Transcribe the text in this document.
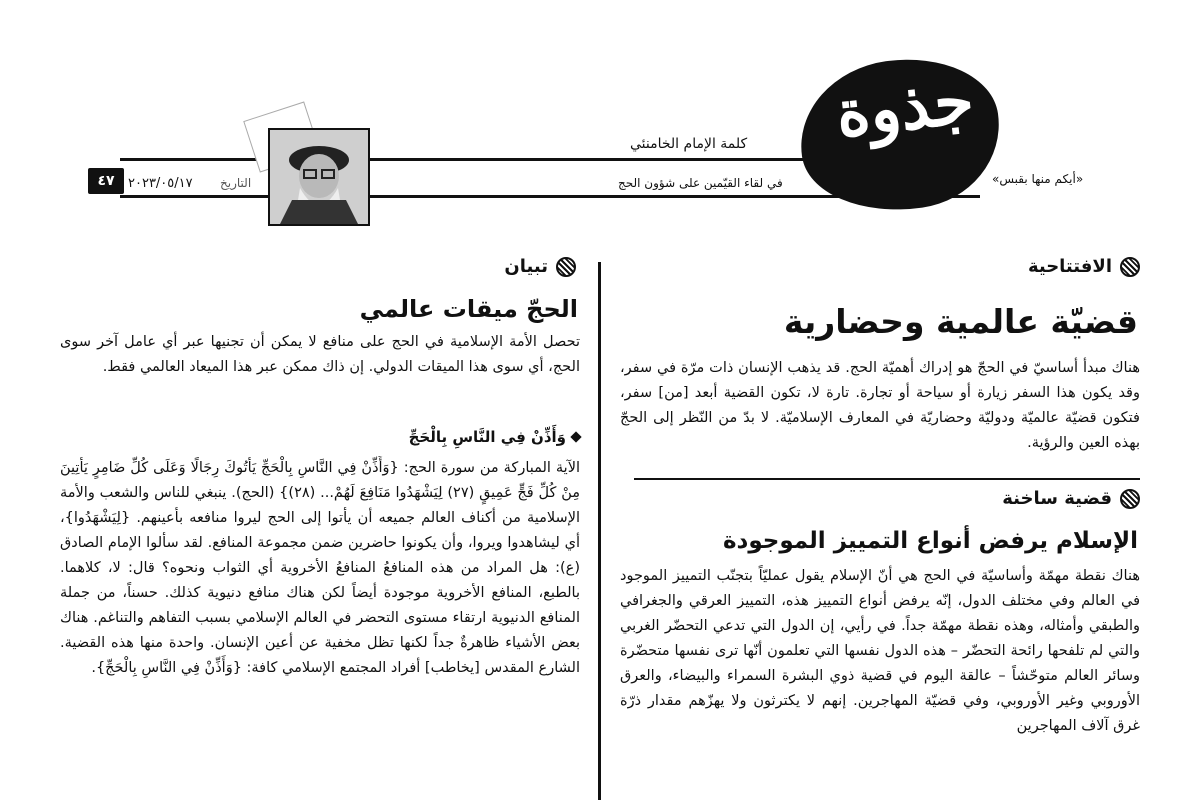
جذوة
«أيكم منها بقبس»
كلمة الإمام الخامنئي
في لقاء القيّمين على شؤون الحج
التاريخ
٢٠٢٣/٠٥/١٧
٤٧
الافتتاحية
قضيّة عالمية وحضارية

هناك مبدأ أساسيّ في الحجّ هو إدراك أهميّة الحج. قد يذهب الإنسان ذات مرّة في سفر، وقد يكون هذا السفر زيارة أو سياحة أو تجارة. تارة لا، تكون القضية أبعد [من] سفر، فتكون قضيّة عالميّة ودوليّة وحضاريّة في المعارف الإسلاميّة. لا بدّ من النّظر إلى الحجّ بهذه العين والرؤية.

قضية ساخنة
الإسلام يرفض أنواع التمييز الموجودة

هناك نقطة مهمّة وأساسيّة في الحج هي أنّ الإسلام يقول عمليّاً بتجنّب التمييز الموجود في العالم وفي مختلف الدول، إنّه يرفض أنواع التمييز هذه، التمييز العرقي والجغرافي والطبقي وأمثاله، وهذه نقطة مهمّة جداً. في رأيي، إن الدول التي تدعي التحضّر الغربي والتي لم تلفحها رائحة التحضّر – هذه الدول نفسها التي تعلمون أنّها ترى نفسها متحضّرة وسائر العالم متوحّشاً – عالقة اليوم في قضية ذوي البشرة السمراء والبيضاء، والعرق الأوروبي وغير الأوروبي، وفي قضيّة المهاجرين. إنهم لا يكترثون ولا يهزّهم مقدار ذرّة غرق آلاف المهاجرين

تبيان
الحجّ ميقات عالمي

تحصل الأمة الإسلامية في الحج على منافع لا يمكن أن تجنيها عبر أي عامل آخر سوى الحج، أي سوى هذا الميقات الدولي. إن ذاك ممكن عبر هذا الميعاد العالمي فقط.

وَأَذِّنْ فِي النَّاسِ بِالْحَجِّ

الآية المباركة من سورة الحج: {وَأَذِّنْ فِي النَّاسِ بِالْحَجِّ يَأْتُوكَ رِجَالًا وَعَلَى كُلِّ ضَامِرٍ يَأْتِينَ مِنْ كُلِّ فَجٍّ عَمِيقٍ (٢٧) لِيَشْهَدُوا مَنَافِعَ لَهُمْ... (٢٨)} (الحج). ينبغي للناس والشعب والأمة الإسلامية من أكناف العالم جميعه أن يأتوا إلى الحج ليروا منافعه بأعينهم. {لِيَشْهَدُوا}، أي ليشاهدوا ويروا، وأن يكونوا حاضرين ضمن مجموعة المنافع. لقد سألوا الإمام الصادق (ع): هل المراد من هذه المنافعُ المنافعُ الأخروية أي الثواب ونحوه؟ قال: لا، كلاهما. بالطبع، المنافع الأخروية موجودة أيضاً لكن هناك منافع دنيوية كذلك. حسناً، من جملة المنافع الدنيوية ارتقاء مستوى التحضر في العالم الإسلامي بسبب التفاهم والتناغم. هناك بعض الأشياء ظاهرةٌ جداً لكنها تظل مخفية عن أعين الإنسان. واحدة منها هذه القضية. الشارع المقدس [يخاطب] أفراد المجتمع الإسلامي كافة: {وَأَذِّنْ فِي النَّاسِ بِالْحَجِّ}.
